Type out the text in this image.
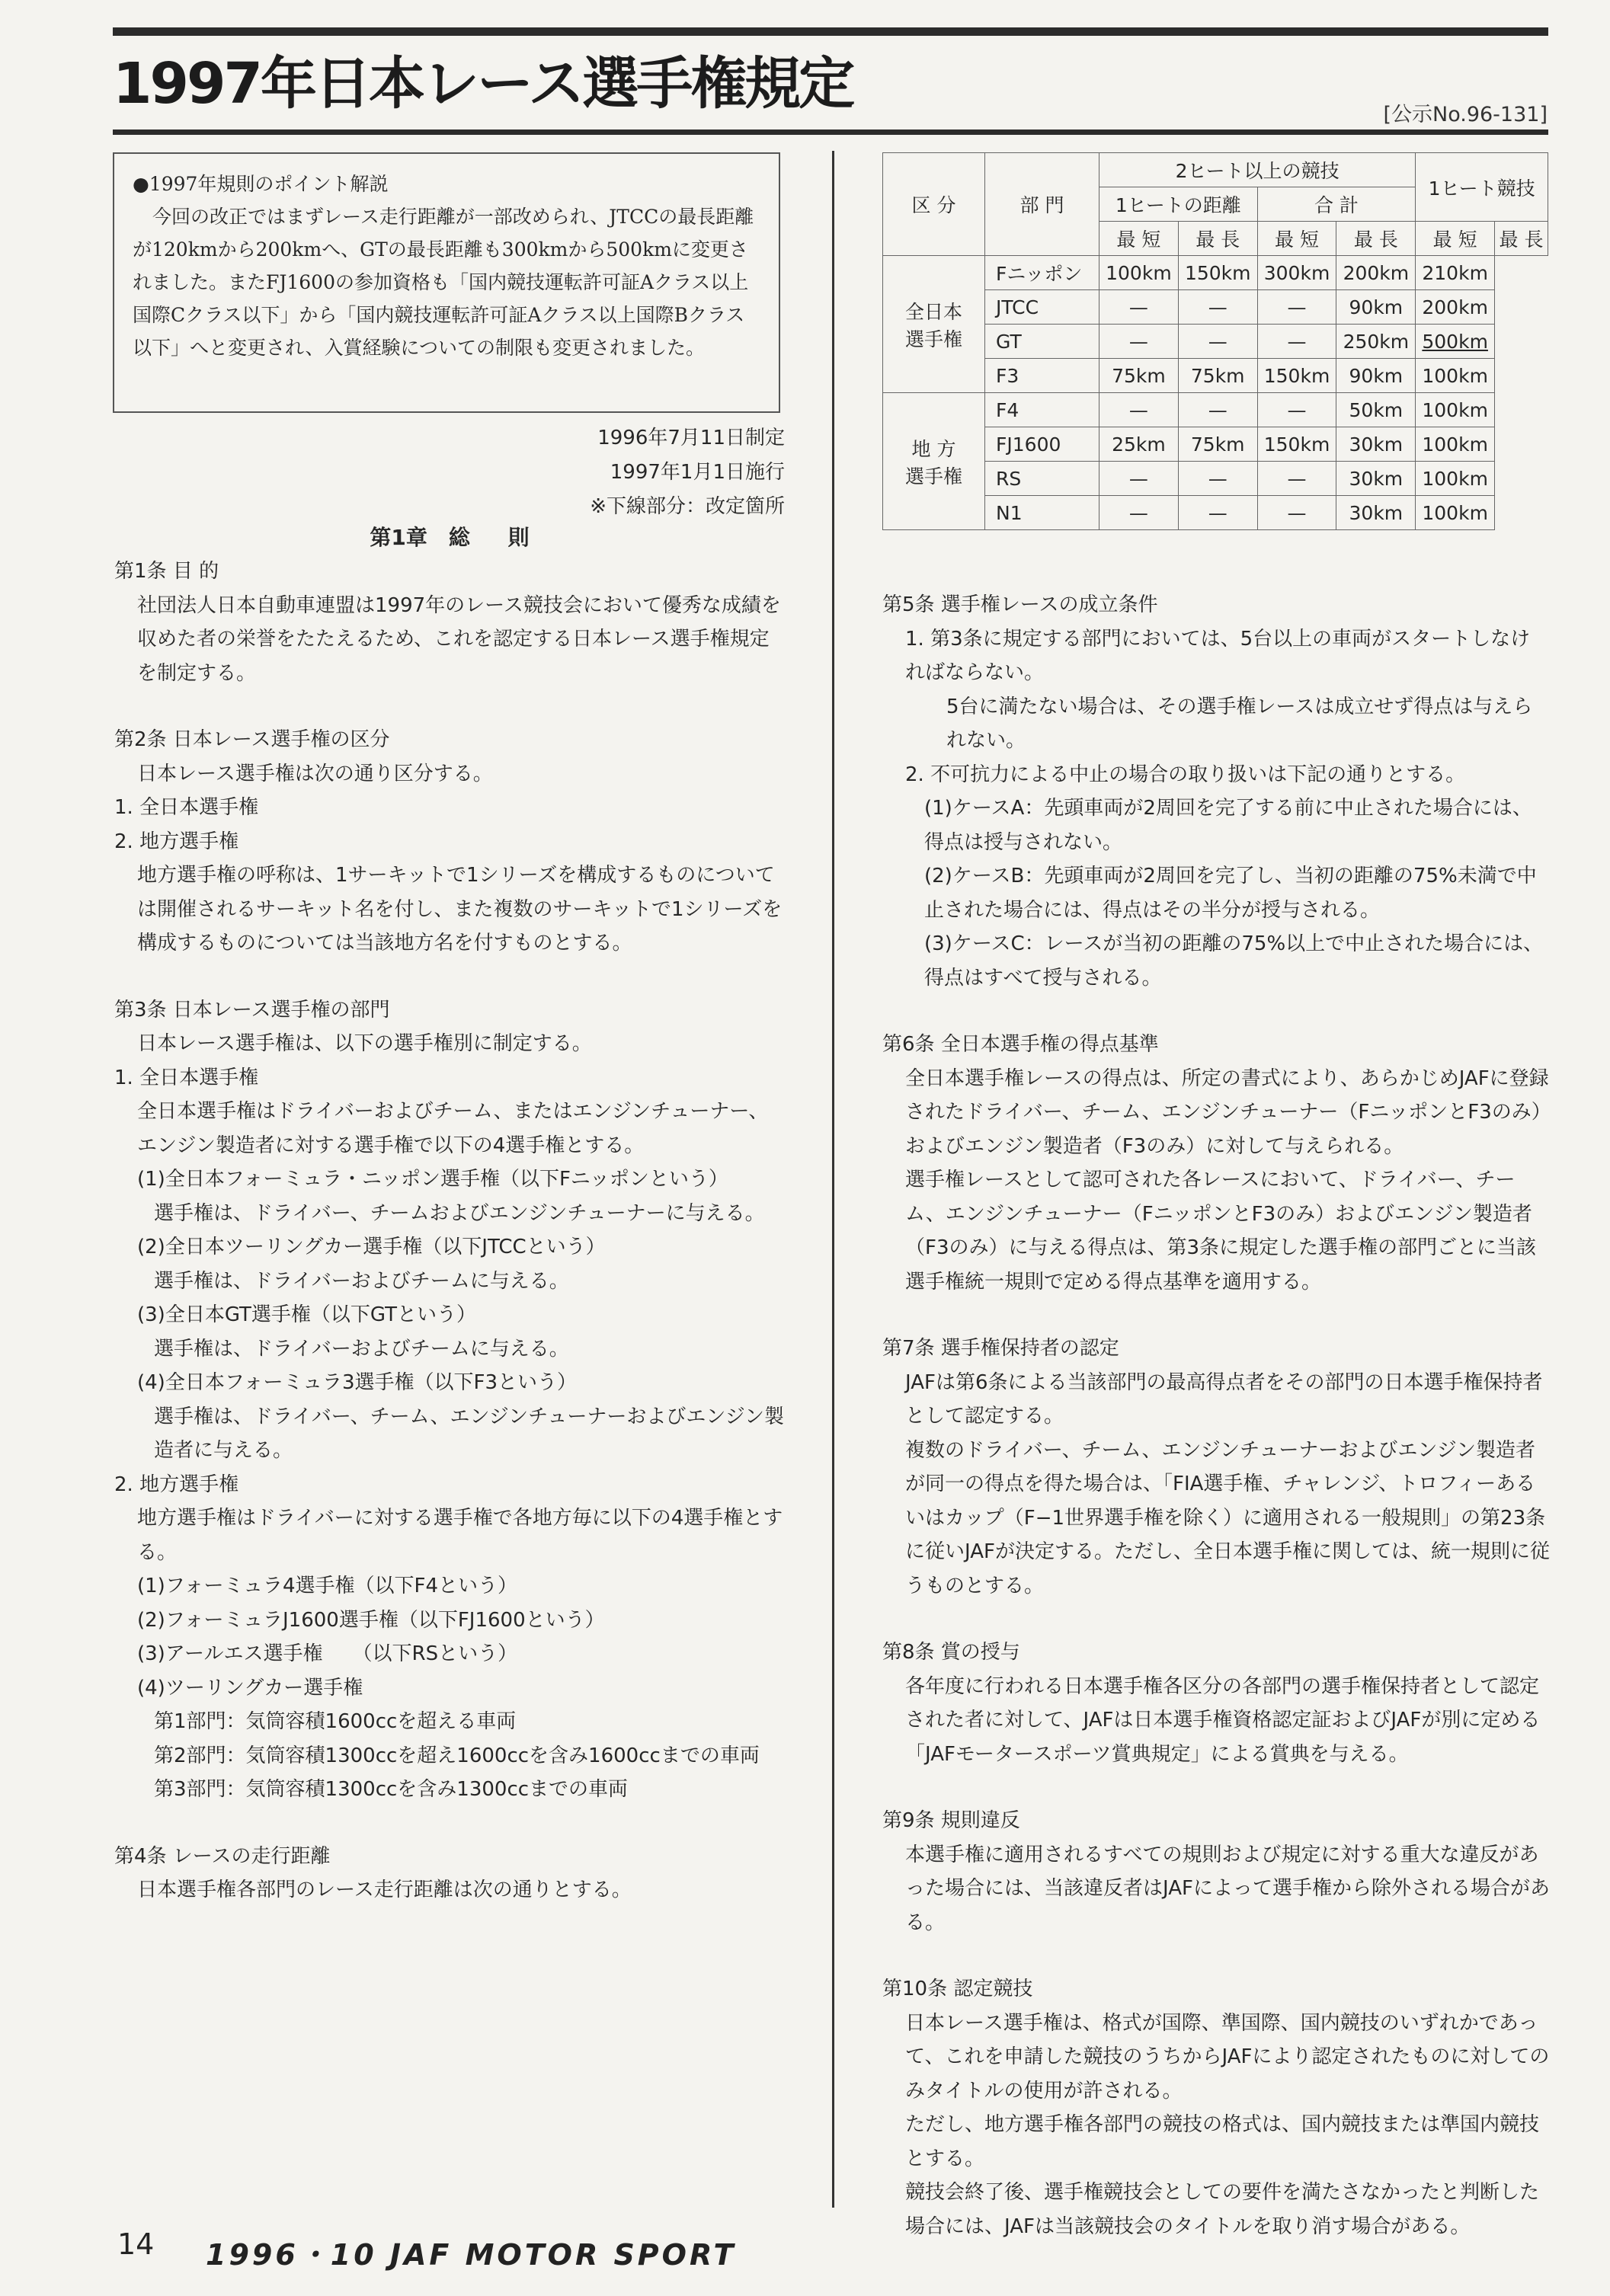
1997年日本レース選手権規定	[公示No.96-131]

●1997年規則のポイント解説

今回の改正ではまずレース走行距離が一部改められ、JTCCの最長距離が120kmから200kmへ、GTの最長距離も300kmから500kmに変更されました。またFJ1600の参加資格も「国内競技運転許可証Aクラス以上国際Cクラス以下」から「国内競技運転許可証Aクラス以上国際Bクラス以下」へと変更され、入賞経験についての制限も変更されました。

1996年7月11日制定

1997年1月1日施行

※下線部分：改定箇所

第1章　総 則

第1条 目 的

社団法人日本自動車連盟は1997年のレース競技会において優秀な成績を収めた者の栄誉をたたえるため、これを認定する日本レース選手権規定を制定する。

第2条 日本レース選手権の区分

日本レース選手権は次の通り区分する。

1. 全日本選手権

2. 地方選手権

地方選手権の呼称は、1サーキットで1シリーズを構成するものについては開催されるサーキット名を付し、また複数のサーキットで1シリーズを構成するものについては当該地方名を付すものとする。

第3条 日本レース選手権の部門

日本レース選手権は、以下の選手権別に制定する。

1. 全日本選手権

全日本選手権はドライバーおよびチーム、またはエンジンチューナー、エンジン製造者に対する選手権で以下の4選手権とする。

(1)全日本フォーミュラ・ニッポン選手権（以下Fニッポンという）

選手権は、ドライバー、チームおよびエンジンチューナーに与える。

(2)全日本ツーリングカー選手権（以下JTCCという）

選手権は、ドライバーおよびチームに与える。

(3)全日本GT選手権（以下GTという）

選手権は、ドライバーおよびチームに与える。

(4)全日本フォーミュラ3選手権（以下F3という）

選手権は、ドライバー、チーム、エンジンチューナーおよびエンジン製造者に与える。

2. 地方選手権

地方選手権はドライバーに対する選手権で各地方毎に以下の4選手権とする。

(1)フォーミュラ4選手権（以下F4という）

(2)フォーミュラJ1600選手権（以下FJ1600という）

(3)アールエス選手権　　（以下RSという）

(4)ツーリングカー選手権

第1部門：気筒容積1600ccを超える車両

第2部門：気筒容積1300ccを超え1600ccを含み1600ccまでの車両

第3部門：気筒容積1300ccを含み1300ccまでの車両

第4条 レースの走行距離

日本選手権各部門のレース走行距離は次の通りとする。

区 分	部 門	2ヒート以上の競技				1ヒート競技	
		1ヒートの距離		合 計			
		最 短	最 長	最 短	最 長	最 短	最 長
全日本
選手権	Fニッポン	100km	150km	300km	200km	210km	
	JTCC	—	—	—	90km	200km	
	GT	—	—	—	250km	500km	
	F3	75km	75km	150km	90km	100km	
地 方
選手権	F4	—	—	—	50km	100km	
	FJ1600	25km	75km	150km	30km	100km	
	RS	—	—	—	30km	100km	
	N1	—	—	—	30km	100km	

第5条 選手権レースの成立条件

1. 第3条に規定する部門においては、5台以上の車両がスタートしなければならない。

5台に満たない場合は、その選手権レースは成立せず得点は与えられない。

2. 不可抗力による中止の場合の取り扱いは下記の通りとする。

(1)ケースA：先頭車両が2周回を完了する前に中止された場合には、得点は授与されない。

(2)ケースB：先頭車両が2周回を完了し、当初の距離の75%未満で中止された場合には、得点はその半分が授与される。

(3)ケースC：レースが当初の距離の75%以上で中止された場合には、得点はすべて授与される。

第6条 全日本選手権の得点基準

全日本選手権レースの得点は、所定の書式により、あらかじめJAFに登録されたドライバー、チーム、エンジンチューナー（FニッポンとF3のみ）およびエンジン製造者（F3のみ）に対して与えられる。

選手権レースとして認可された各レースにおいて、ドライバー、チーム、エンジンチューナー（FニッポンとF3のみ）およびエンジン製造者（F3のみ）に与える得点は、第3条に規定した選手権の部門ごとに当該選手権統一規則で定める得点基準を適用する。

第7条 選手権保持者の認定

JAFは第6条による当該部門の最高得点者をその部門の日本選手権保持者として認定する。

複数のドライバー、チーム、エンジンチューナーおよびエンジン製造者が同一の得点を得た場合は、「FIA選手権、チャレンジ、トロフィーあるいはカップ（F−1世界選手権を除く）に適用される一般規則」の第23条に従いJAFが決定する。ただし、全日本選手権に関しては、統一規則に従うものとする。

第8条 賞の授与

各年度に行われる日本選手権各区分の各部門の選手権保持者として認定された者に対して、JAFは日本選手権資格認定証およびJAFが別に定める「JAFモータースポーツ賞典規定」による賞典を与える。

第9条 規則違反

本選手権に適用されるすべての規則および規定に対する重大な違反があった場合には、当該違反者はJAFによって選手権から除外される場合がある。

第10条 認定競技

日本レース選手権は、格式が国際、準国際、国内競技のいずれかであって、これを申請した競技のうちからJAFにより認定されたものに対してのみタイトルの使用が許される。

ただし、地方選手権各部門の競技の格式は、国内競技または準国内競技とする。

競技会終了後、選手権競技会としての要件を満たさなかったと判断した場合には、JAFは当該競技会のタイトルを取り消す場合がある。

14 1996・10 JAF MOTOR SPORT
